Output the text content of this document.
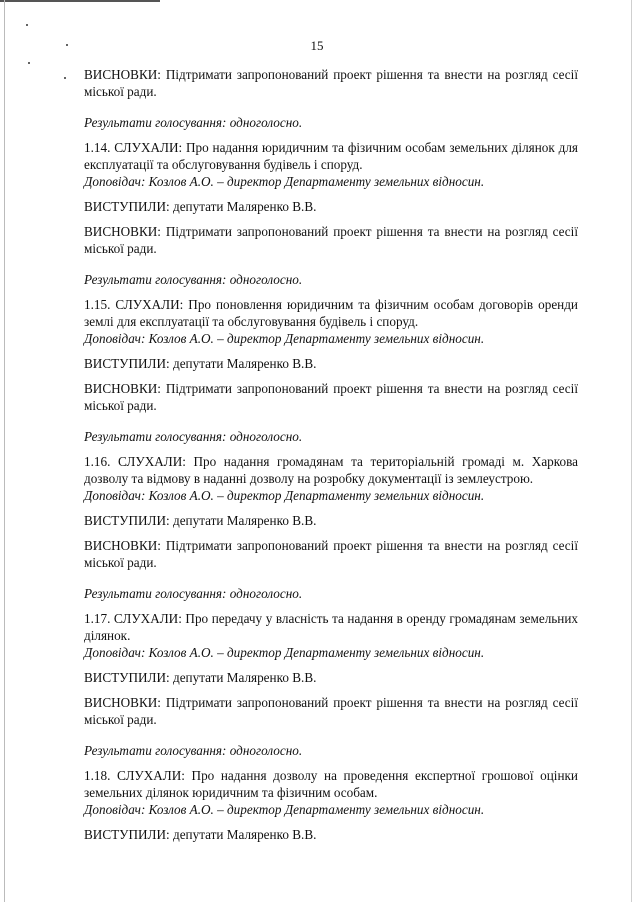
15

ВИСНОВКИ: Підтримати запропонований проект рішення та внести на розгляд сесії міської ради.

Результати голосування: одноголосно.

1.14. СЛУХАЛИ: Про надання юридичним та фізичним особам земельних ділянок для експлуатації та обслуговування будівель і споруд.

Доповідач: Козлов А.О. – директор Департаменту земельних відносин.

ВИСТУПИЛИ: депутати Маляренко В.В.

ВИСНОВКИ: Підтримати запропонований проект рішення та внести на розгляд сесії міської ради.

Результати голосування: одноголосно.

1.15. СЛУХАЛИ: Про поновлення юридичним та фізичним особам договорів оренди землі для експлуатації та обслуговування будівель і споруд.

Доповідач: Козлов А.О. – директор Департаменту земельних відносин.

ВИСТУПИЛИ: депутати Маляренко В.В.

ВИСНОВКИ: Підтримати запропонований проект рішення та внести на розгляд сесії міської ради.

Результати голосування: одноголосно.

1.16. СЛУХАЛИ: Про надання громадянам та територіальній громаді м. Харкова дозволу та відмову в наданні дозволу на розробку документації із землеустрою.

Доповідач: Козлов А.О. – директор Департаменту земельних відносин.

ВИСТУПИЛИ: депутати Маляренко В.В.

ВИСНОВКИ: Підтримати запропонований проект рішення та внести на розгляд сесії міської ради.

Результати голосування: одноголосно.

1.17. СЛУХАЛИ: Про передачу у власність та надання в оренду громадянам земельних ділянок.

Доповідач: Козлов А.О. – директор Департаменту земельних відносин.

ВИСТУПИЛИ: депутати Маляренко В.В.

ВИСНОВКИ: Підтримати запропонований проект рішення та внести на розгляд сесії міської ради.

Результати голосування: одноголосно.

1.18. СЛУХАЛИ: Про надання дозволу на проведення експертної грошової оцінки земельних ділянок юридичним та фізичним особам.

Доповідач: Козлов А.О. – директор Департаменту земельних відносин.

ВИСТУПИЛИ: депутати Маляренко В.В.
